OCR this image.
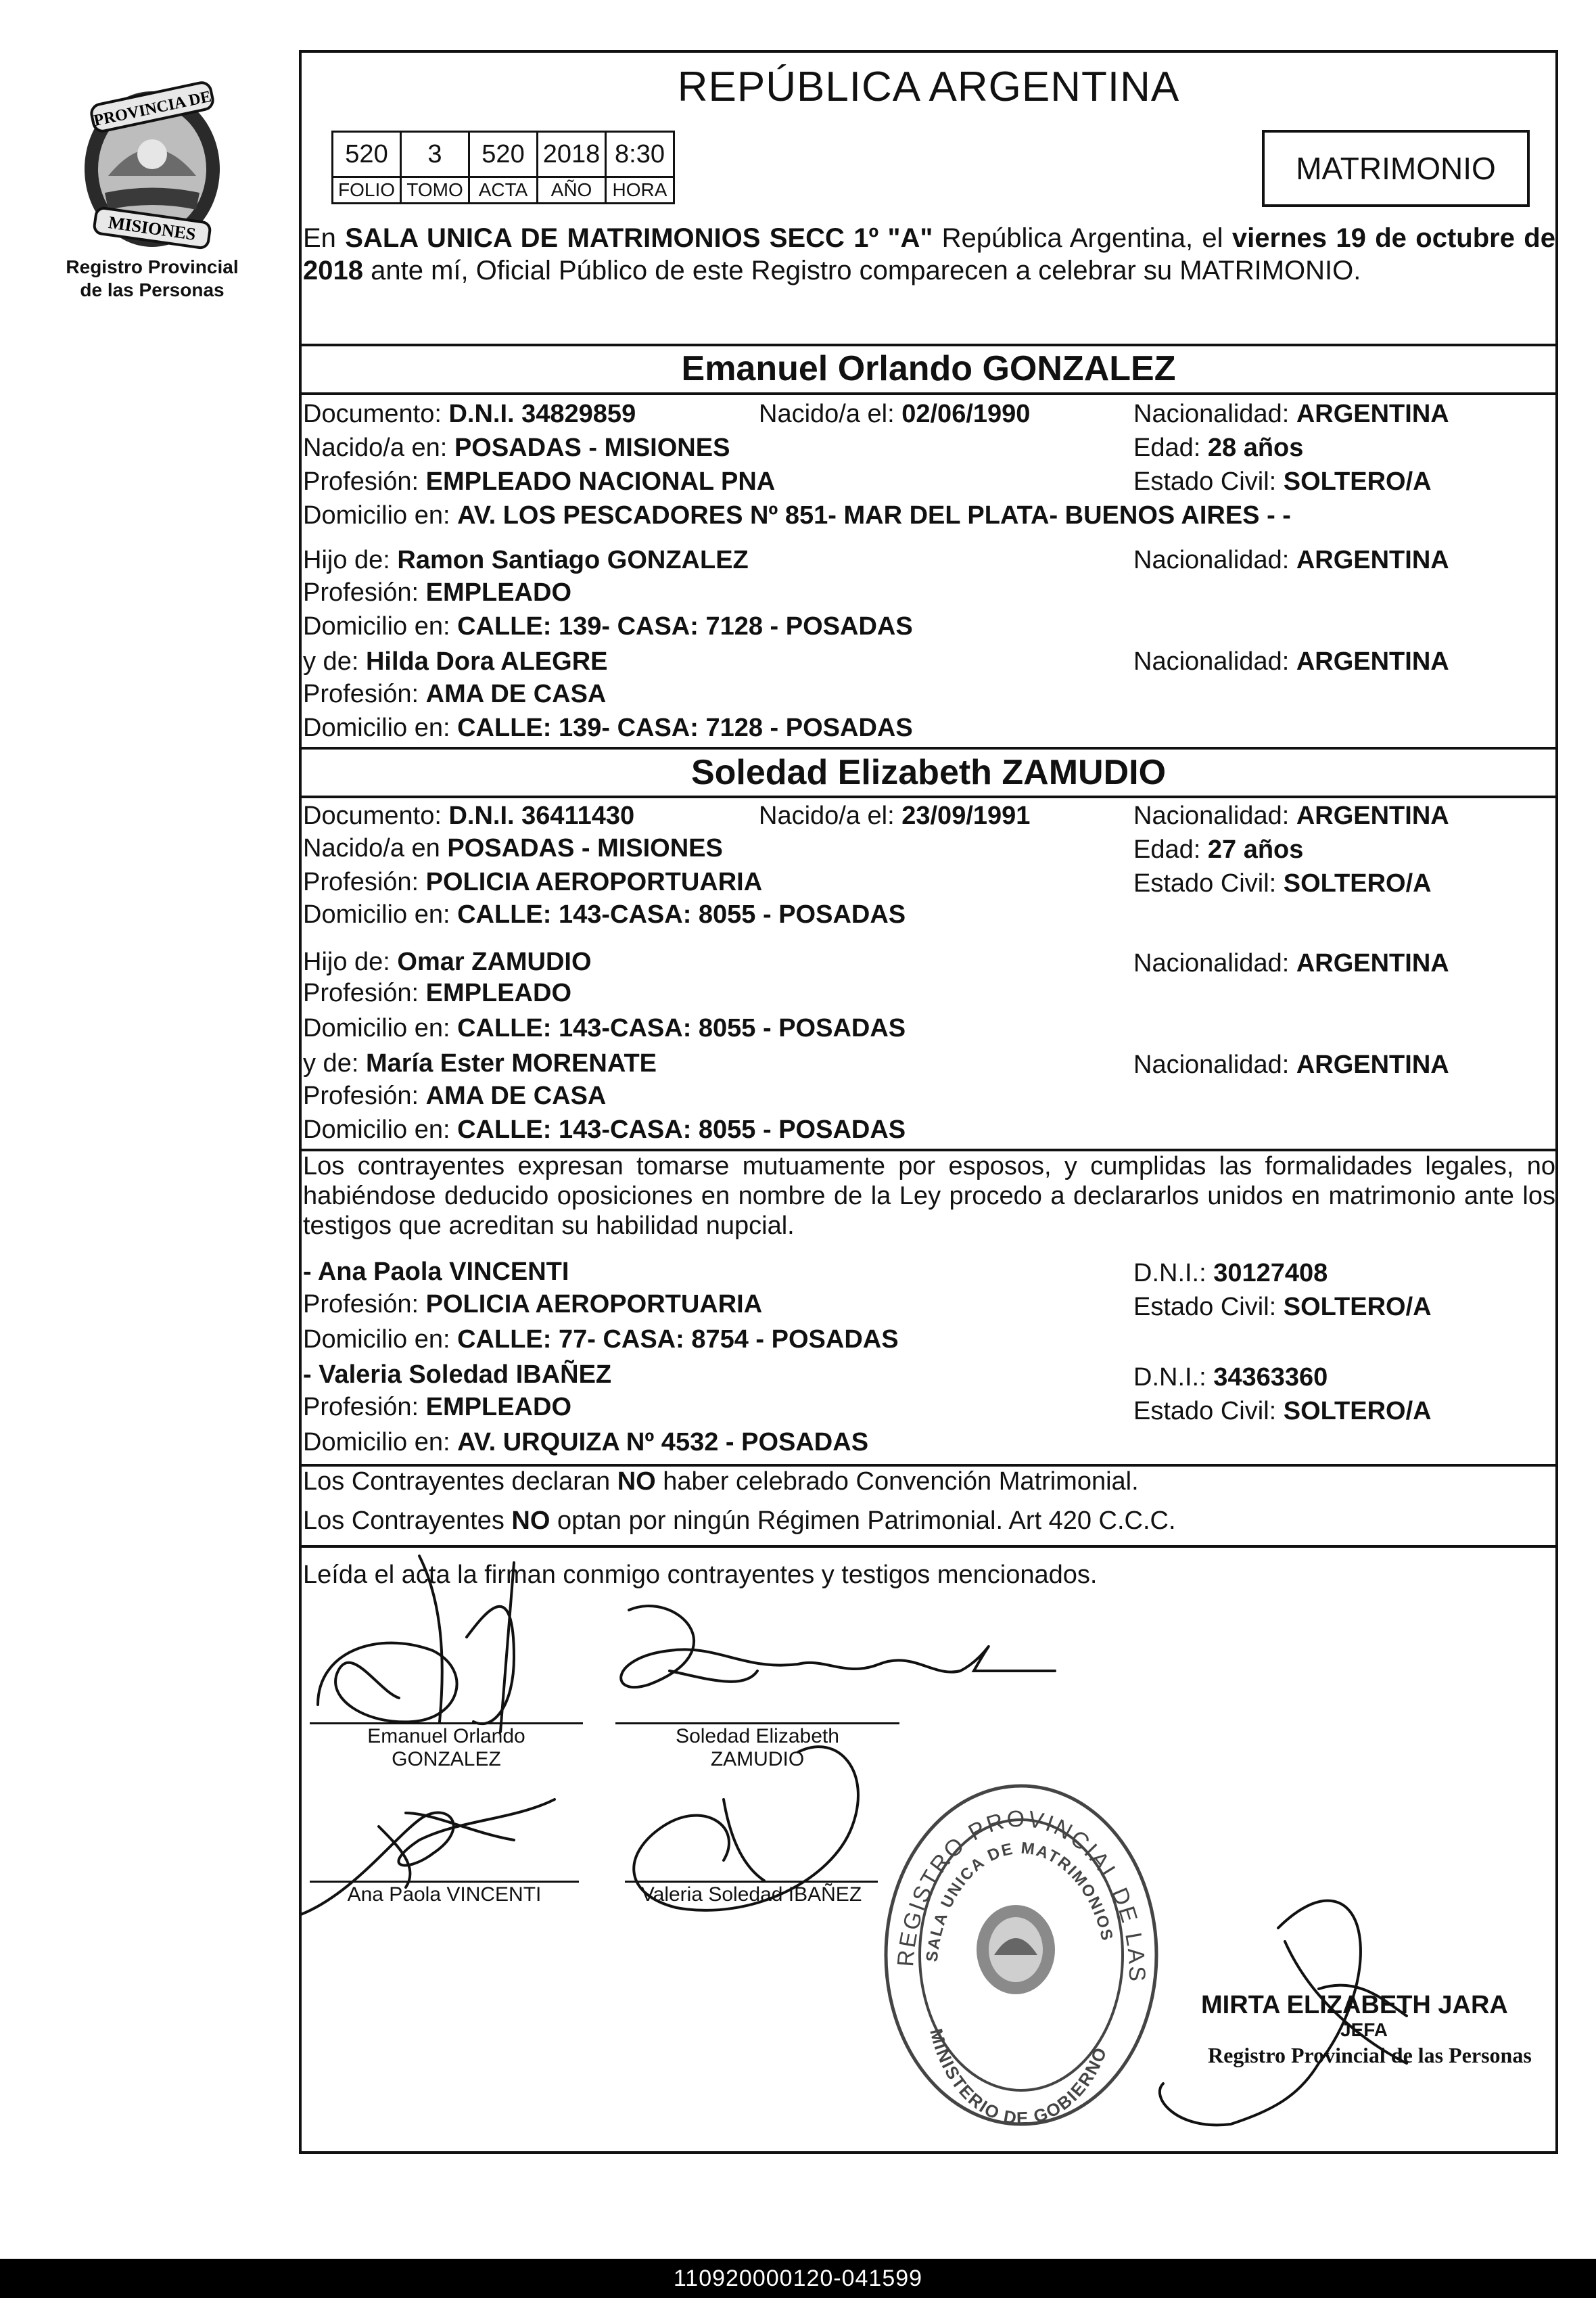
PROVINCIA DE
MISIONES
Registro Provincial
de las Personas
REPÚBLICA ARGENTINA
520	3	520	2018	8:30
FOLIO	TOMO	ACTA	AÑO	HORA
MATRIMONIO
En SALA UNICA DE MATRIMONIOS SECC 1º "A" República Argentina, el viernes 19 de octubre de 2018 ante mí, Oficial Público de este Registro comparecen a celebrar su MATRIMONIO.
Emanuel Orlando GONZALEZ
Documento: D.N.I. 34829859	Nacido/a el: 02/06/1990	Nacionalidad: ARGENTINA
Nacido/a en: POSADAS - MISIONES	Edad: 28 años
Profesión: EMPLEADO NACIONAL PNA	Estado Civil: SOLTERO/A
Domicilio en: AV. LOS PESCADORES Nº 851- MAR DEL PLATA- BUENOS AIRES - -
Hijo de: Ramon Santiago GONZALEZ	Nacionalidad: ARGENTINA
Profesión: EMPLEADO
Domicilio en: CALLE: 139- CASA: 7128 - POSADAS
y de: Hilda Dora ALEGRE	Nacionalidad: ARGENTINA
Profesión: AMA DE CASA
Domicilio en: CALLE: 139- CASA: 7128 - POSADAS
Soledad Elizabeth ZAMUDIO
Documento: D.N.I. 36411430	Nacido/a el: 23/09/1991	Nacionalidad: ARGENTINA
Nacido/a en POSADAS - MISIONES	Edad: 27 años
Profesión: POLICIA AEROPORTUARIA	Estado Civil: SOLTERO/A
Domicilio en: CALLE: 143-CASA: 8055 - POSADAS
Hijo de: Omar ZAMUDIO	Nacionalidad: ARGENTINA
Profesión: EMPLEADO
Domicilio en: CALLE: 143-CASA: 8055 - POSADAS
y de: María Ester MORENATE	Nacionalidad: ARGENTINA
Profesión: AMA DE CASA
Domicilio en: CALLE: 143-CASA: 8055 - POSADAS
Los contrayentes expresan tomarse mutuamente por esposos, y cumplidas las formalidades legales, no habiéndose deducido oposiciones en nombre de la Ley procedo a declararlos unidos en matrimonio ante los testigos que acreditan su habilidad nupcial.
- Ana Paola VINCENTI	D.N.I.: 30127408
Profesión: POLICIA AEROPORTUARIA	Estado Civil: SOLTERO/A
Domicilio en: CALLE: 77- CASA: 8754 - POSADAS
- Valeria Soledad IBAÑEZ	D.N.I.: 34363360
Profesión: EMPLEADO	Estado Civil: SOLTERO/A
Domicilio en: AV. URQUIZA Nº 4532 - POSADAS
Los Contrayentes declaran NO haber celebrado Convención Matrimonial.
Los Contrayentes NO optan por ningún Régimen Patrimonial. Art 420 C.C.C.
Leída el acta la firman conmigo contrayentes y testigos mencionados.
Emanuel Orlando
GONZALEZ
Soledad Elizabeth
ZAMUDIO
Ana Paola VINCENTI	Valeria Soledad IBAÑEZ
REGISTRO PROVINCIAL DE LAS PERSONAS
SALA UNICA DE MATRIMONIOS
MINISTERIO DE GOBIERNO
MIRTA ELIZABETH JARA
JEFA
Registro Provincial de las Personas
110920000120-041599
